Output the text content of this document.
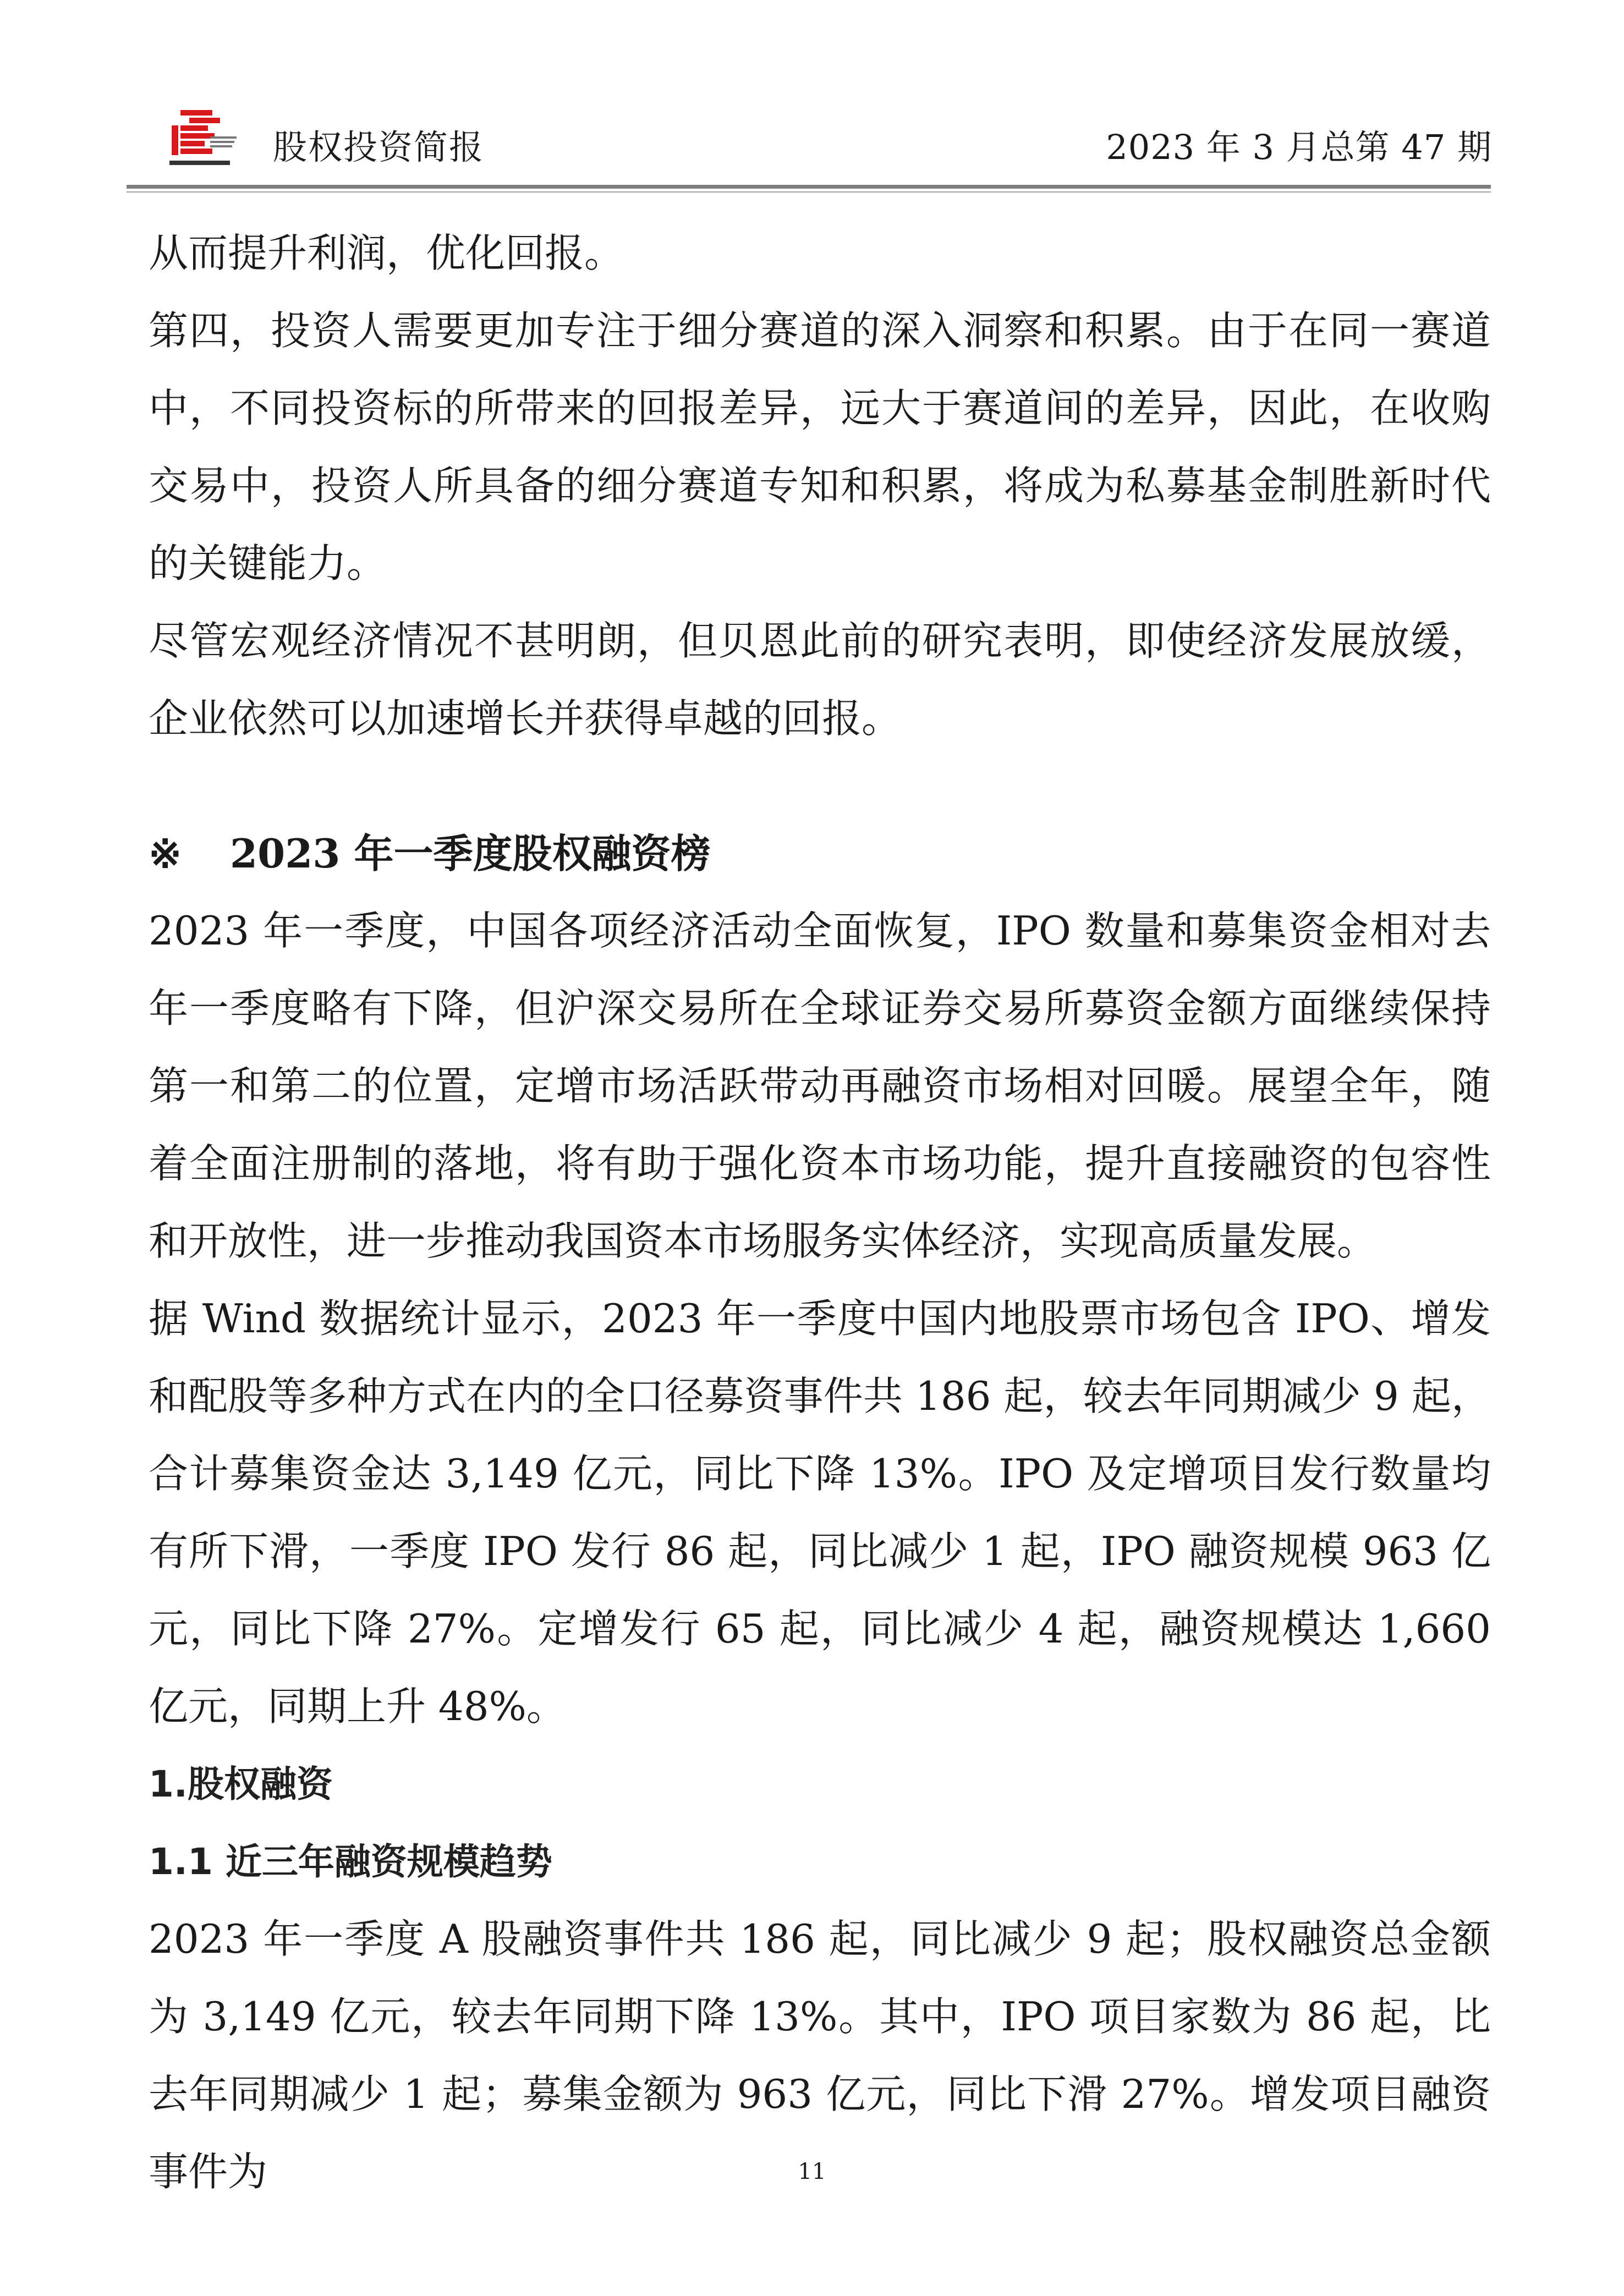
股权投资简报	2023 年 3 月总第 47 期

从而提升利润，优化回报。

第四，投资人需要更加专注于细分赛道的深入洞察和积累。由于在同一赛道中，不同投资标的所带来的回报差异，远大于赛道间的差异，因此，在收购交易中，投资人所具备的细分赛道专知和积累，将成为私募基金制胜新时代的关键能力。

尽管宏观经济情况不甚明朗，但贝恩此前的研究表明，即使经济发展放缓，企业依然可以加速增长并获得卓越的回报。

※ 2023 年一季度股权融资榜

2023 年一季度，中国各项经济活动全面恢复，IPO 数量和募集资金相对去年一季度略有下降，但沪深交易所在全球证券交易所募资金额方面继续保持第一和第二的位置，定增市场活跃带动再融资市场相对回暖。展望全年，随着全面注册制的落地，将有助于强化资本市场功能，提升直接融资的包容性和开放性，进一步推动我国资本市场服务实体经济，实现高质量发展。

据 Wind 数据统计显示，2023 年一季度中国内地股票市场包含 IPO、增发和配股等多种方式在内的全口径募资事件共 186 起，较去年同期减少 9 起，合计募集资金达 3,149 亿元，同比下降 13%。IPO 及定增项目发行数量均有所下滑，一季度 IPO 发行 86 起，同比减少 1 起，IPO 融资规模 963 亿元，同比下降 27%。定增发行 65 起，同比减少 4 起，融资规模达 1,660 亿元，同期上升 48%。

1.股权融资

1.1 近三年融资规模趋势

2023 年一季度 A 股融资事件共 186 起，同比减少 9 起；股权融资总金额为 3,149 亿元，较去年同期下降 13%。其中，IPO 项目家数为 86 起，比去年同期减少 1 起；募集金额为 963 亿元，同比下滑 27%。增发项目融资事件为	11
